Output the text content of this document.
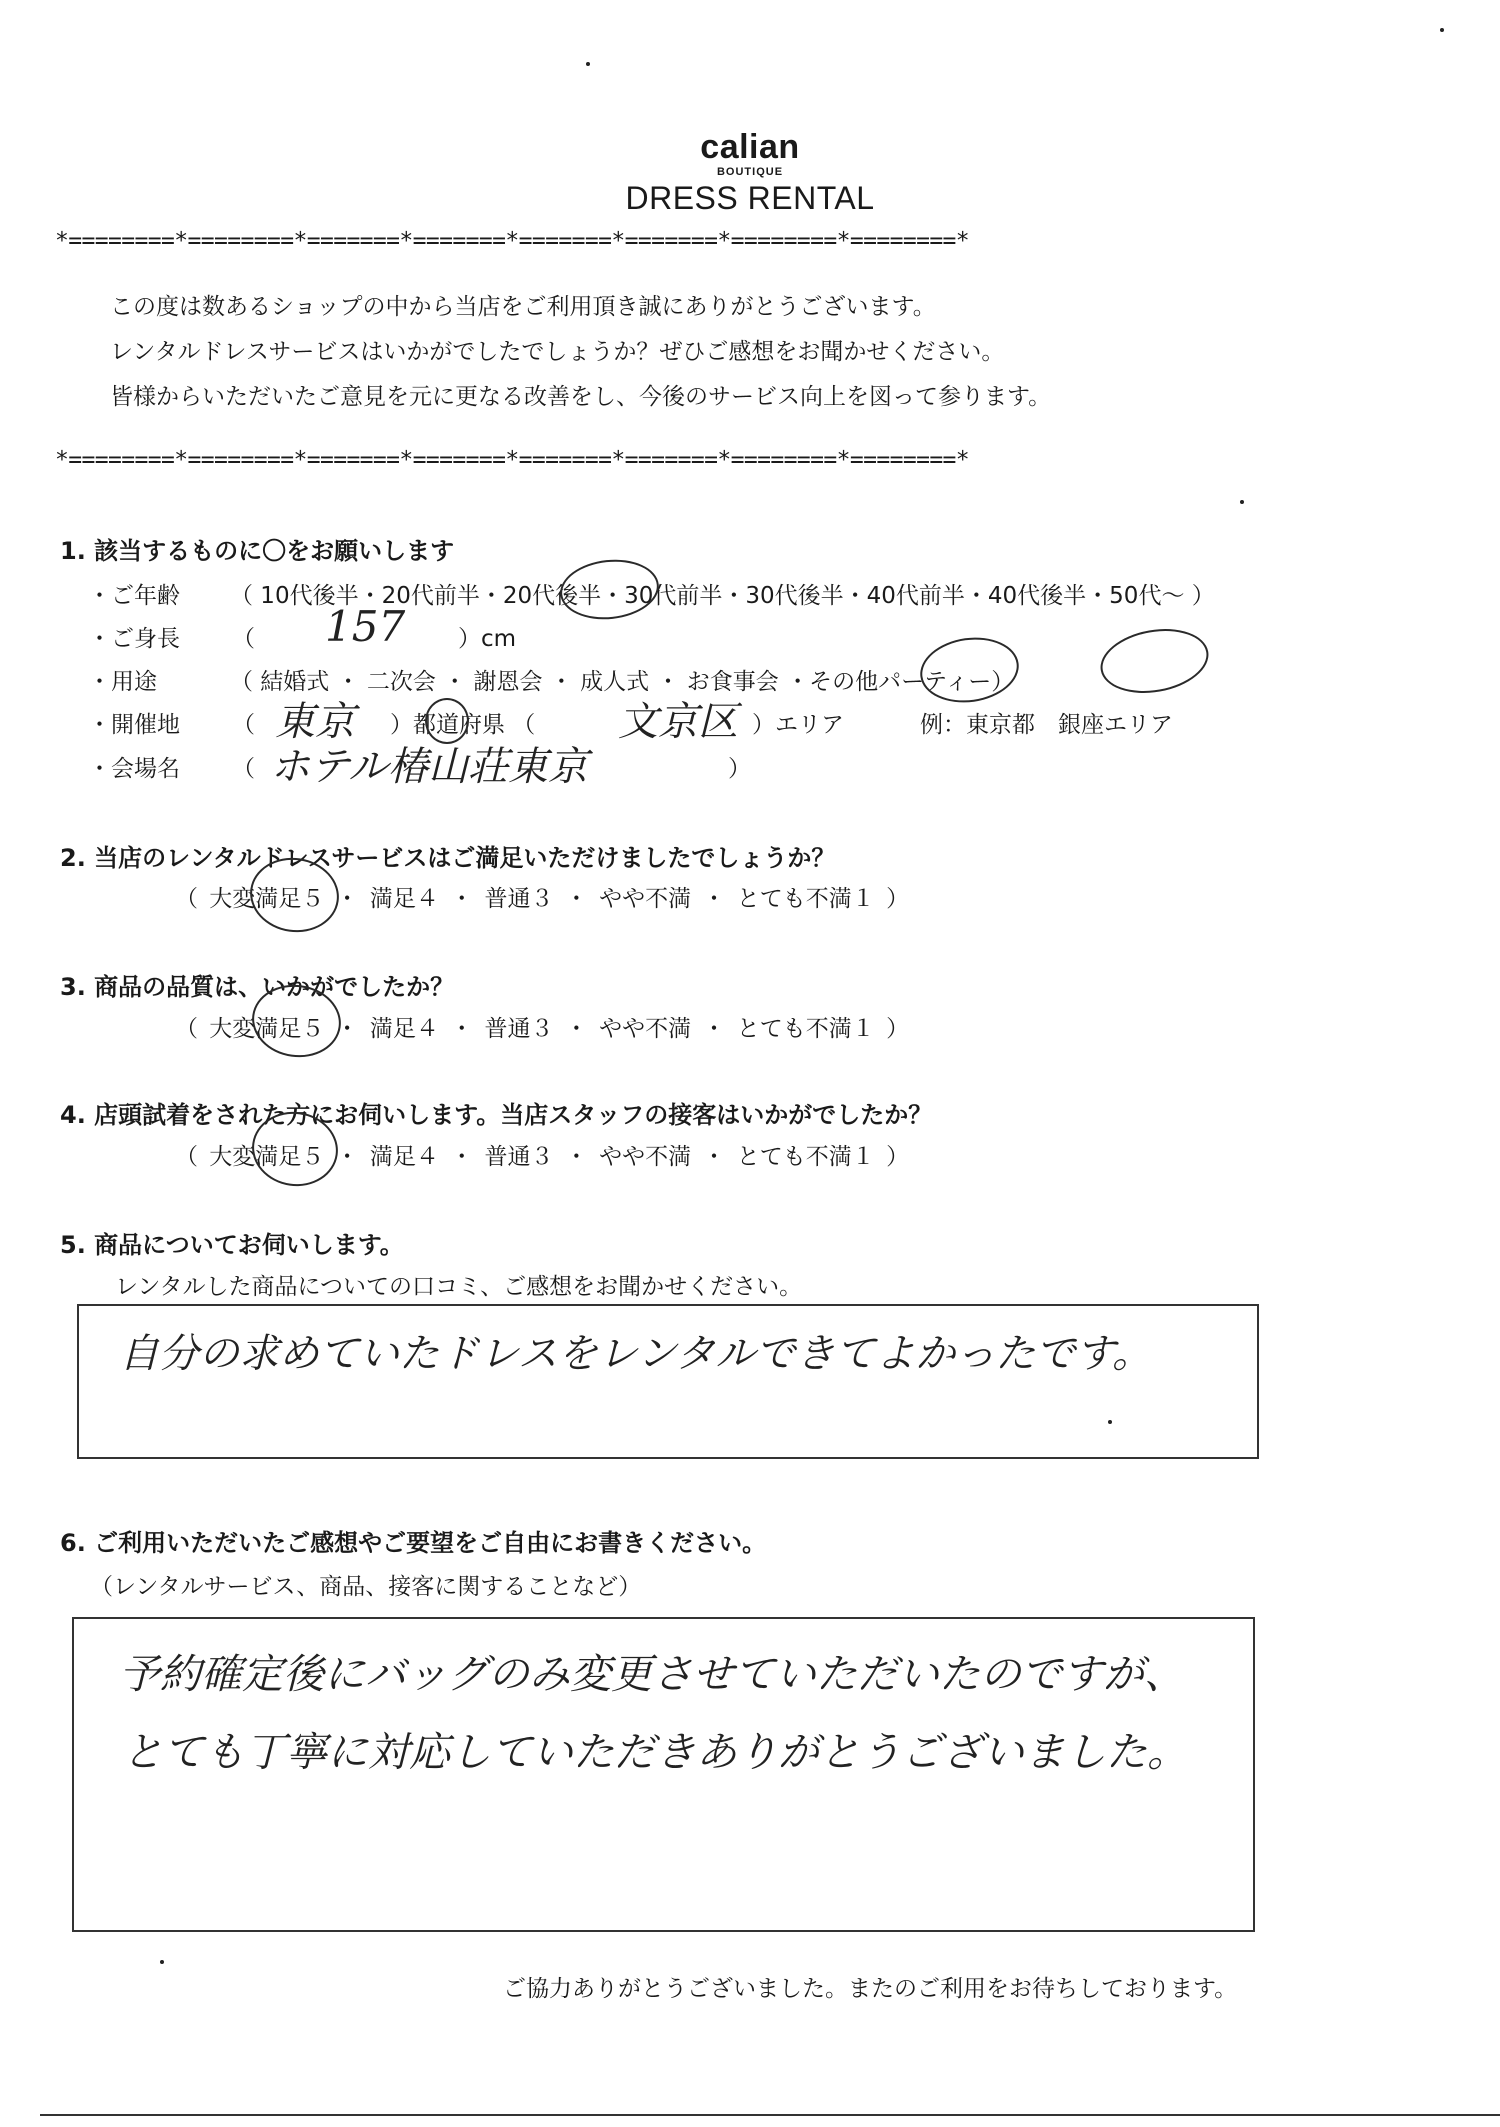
calian
BOUTIQUE
DRESS RENTAL
*========*========*=======*=======*=======*=======*========*========*
この度は数あるショップの中から当店をご利用頂き誠にありがとうございます。
レンタルドレスサービスはいかがでしたでしょうか？ぜひご感想をお聞かせください。
皆様からいただいたご意見を元に更なる改善をし、今後のサービス向上を図って参ります。
*========*========*=======*=======*=======*=======*========*========*
1. 該当するものに〇をお願いします
・ご年齢 （ 10代後半・20代前半・20代後半・30代前半・30代後半・40代前半・40代後半・50代〜 ）
・ご身長 （ 157 ）cm
・用途	（ 結婚式 ・ 二次会 ・ 謝恩会 ・ 成人式 ・ お食事会 ・その他パーティー）
・開催地 （ 東京 ）都道府県 （ 文京区 ）エリア	例：東京都　銀座エリア
・会場名 （ ホテル椿山荘東京	）
2. 当店のレンタルドレスサービスはご満足いただけましたでしょうか？
（ 大変満足５ ・ 満足４ ・ 普通３ ・ やや不満 ・ とても不満１ ）
3. 商品の品質は、いかがでしたか？
（ 大変満足５ ・ 満足４ ・ 普通３ ・ やや不満 ・ とても不満１ ）
4. 店頭試着をされた方にお伺いします。当店スタッフの接客はいかがでしたか？
（ 大変満足５ ・ 満足４ ・ 普通３ ・ やや不満 ・ とても不満１ ）
5. 商品についてお伺いします。
レンタルした商品についての口コミ、ご感想をお聞かせください。
自分の求めていたドレスをレンタルできてよかったです。
6. ご利用いただいたご感想やご要望をご自由にお書きください。
（レンタルサービス、商品、接客に関することなど）
予約確定後にバッグのみ変更させていただいたのですが、
とても丁寧に対応していただきありがとうございました。
ご協力ありがとうございました。またのご利用をお待ちしております。
